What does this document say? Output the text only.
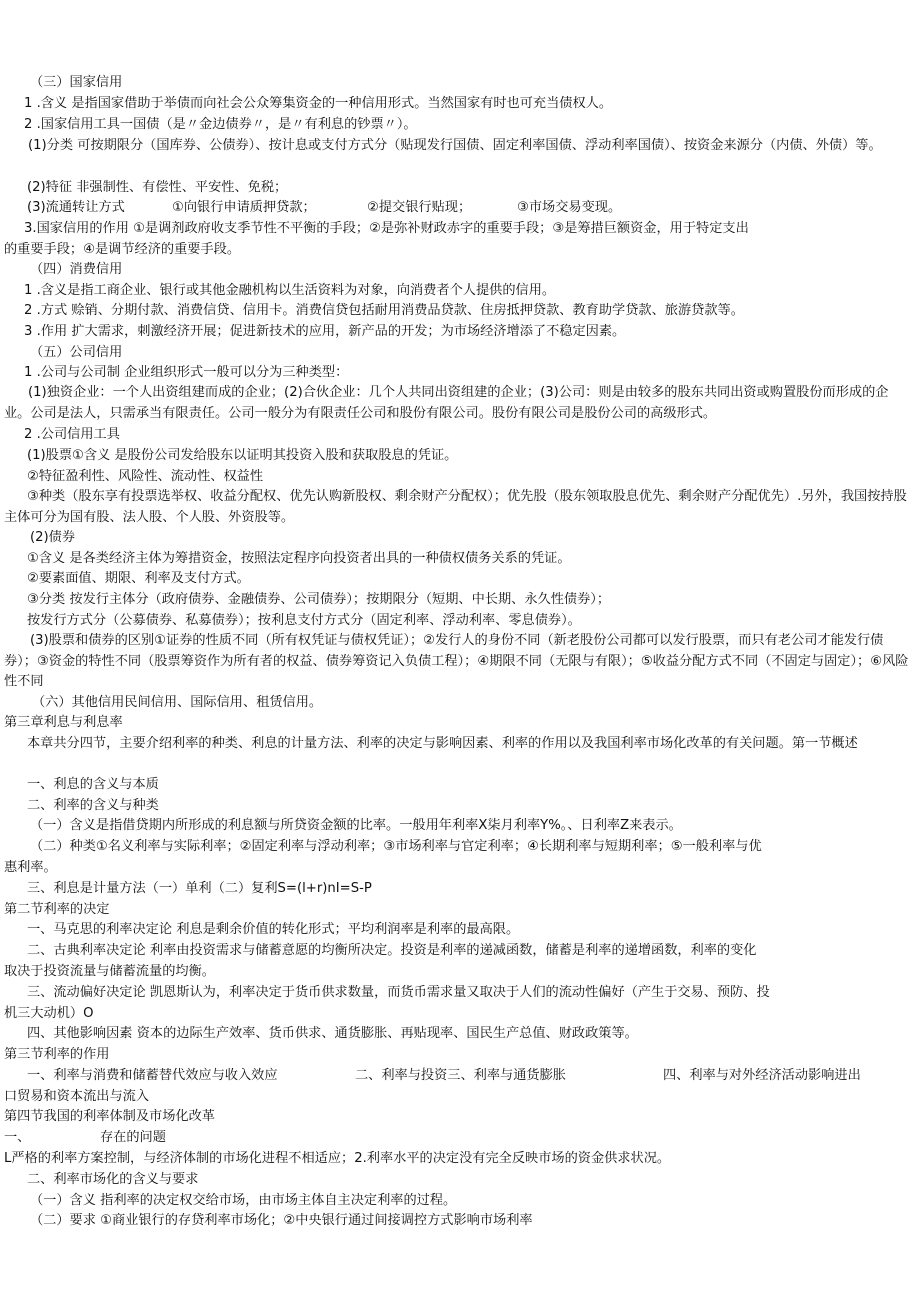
（三）国家信用
1 .含义 是指国家借助于举债而向社会公众筹集资金的一种信用形式。当然国家有时也可充当债权人。
2 .国家信用工具一国债（是〃金边债券〃，是〃有利息的钞票〃）。
(1)分类 可按期限分（国库券、公债券）、按计息或支付方式分（贴现发行国债、固定利率国债、浮动利率国债）、按资金来源分（内债、外债）等。
(2)特征 非强制性、有偿性、平安性、免税；
(3)流通转让方式	①向银行申请质押贷款；	②提交银行贴现；	③市场交易变现。
3.国家信用的作用 ①是调剂政府收支季节性不平衡的手段；②是弥补财政赤字的重要手段；③是筹措巨额资金，用于特定支出
的重要手段；④是调节经济的重要手段。
（四）消费信用
1 .含义是指工商企业、银行或其他金融机构以生活资料为对象，向消费者个人提供的信用。
2 .方式 赊销、分期付款、消费信贷、信用卡。消费信贷包括耐用消费品贷款、住房抵押贷款、教育助学贷款、旅游贷款等。
3 .作用 扩大需求，刺激经济开展；促进新技术的应用，新产品的开发；为市场经济增添了不稳定因素。
（五）公司信用
1 .公司与公司制 企业组织形式一般可以分为三种类型：
(1)独资企业：一个人出资组建而成的企业；(2)合伙企业：几个人共同出资组建的企业；(3)公司：则是由较多的股东共同出资或购置股份而形成的企业。公司是法人，只需承当有限责任。公司一般分为有限责任公司和股份有限公司。股份有限公司是股份公司的高级形式。
2 .公司信用工具
(1)股票①含义 是股份公司发给股东以证明其投资入股和获取股息的凭证。
②特征盈利性、风险性、流动性、权益性
③种类（股东享有投票选举权、收益分配权、优先认购新股权、剩余财产分配权）；优先股（股东领取股息优先、剩余财产分配优先）.另外，我国按持股主体可分为国有股、法人股、个人股、外资股等。
(2)债券
①含义 是各类经济主体为筹措资金，按照法定程序向投资者出具的一种债权债务关系的凭证。
②要素面值、期限、利率及支付方式。
③分类 按发行主体分（政府债券、金融债券、公司债券）；按期限分（短期、中长期、永久性债券）；
按发行方式分（公募债券、私募债券）；按利息支付方式分（固定利率、浮动利率、零息债券）。
(3)股票和债券的区别①证券的性质不同（所有权凭证与债权凭证）；②发行人的身份不同（新老股份公司都可以发行股票，而只有老公司才能发行债券）；③资金的特性不同（股票筹资作为所有者的权益、债券筹资记入负债工程）；④期限不同（无限与有限）；⑤收益分配方式不同（不固定与固定）；⑥风险性不同
（六）其他信用民间信用、国际信用、租赁信用。
第三章利息与利息率
本章共分四节，主要介绍利率的种类、利息的计量方法、利率的决定与影响因素、利率的作用以及我国利率市场化改革的有关问题。第一节概述
一、利息的含义与本质
二、利率的含义与种类
（一）含义是指借贷期内所形成的利息额与所贷资金额的比率。一般用年利率X柒月利率Y%。、日利率Z来表示。
（二）种类①名义利率与实际利率；②固定利率与浮动利率；③市场利率与官定利率；④长期利率与短期利率；⑤一般利率与优
惠利率。
三、利息是计量方法（一）单利（二）复利S=(l+r)nI=S-P
第二节利率的决定
一、马克思的利率决定论 利息是剩余价值的转化形式；平均利润率是利率的最高限。
二、古典利率决定论 利率由投资需求与储蓄意愿的均衡所决定。投资是利率的递减函数，储蓄是利率的递增函数，利率的变化
取决于投资流量与储蓄流量的均衡。
三、流动偏好决定论 凯恩斯认为，利率决定于货币供求数量，而货币需求量又取决于人们的流动性偏好（产生于交易、预防、投
机三大动机）O
四、其他影响因素 资本的边际生产效率、货币供求、通货膨胀、再贴现率、国民生产总值、财政政策等。
第三节利率的作用
一、利率与消费和储蓄替代效应与收入效应	二、利率与投资三、利率与通货膨胀	四、利率与对外经济活动影响进出
口贸易和资本流出与流入
第四节我国的利率体制及市场化改革
一、	存在的问题
L严格的利率方案控制，与经济体制的市场化进程不相适应；2.利率水平的决定没有完全反映市场的资金供求状况。
二、利率市场化的含义与要求
（一）含义 指利率的决定权交给市场，由市场主体自主决定利率的过程。
（二）要求 ①商业银行的存贷利率市场化；②中央银行通过间接调控方式影响市场利率
